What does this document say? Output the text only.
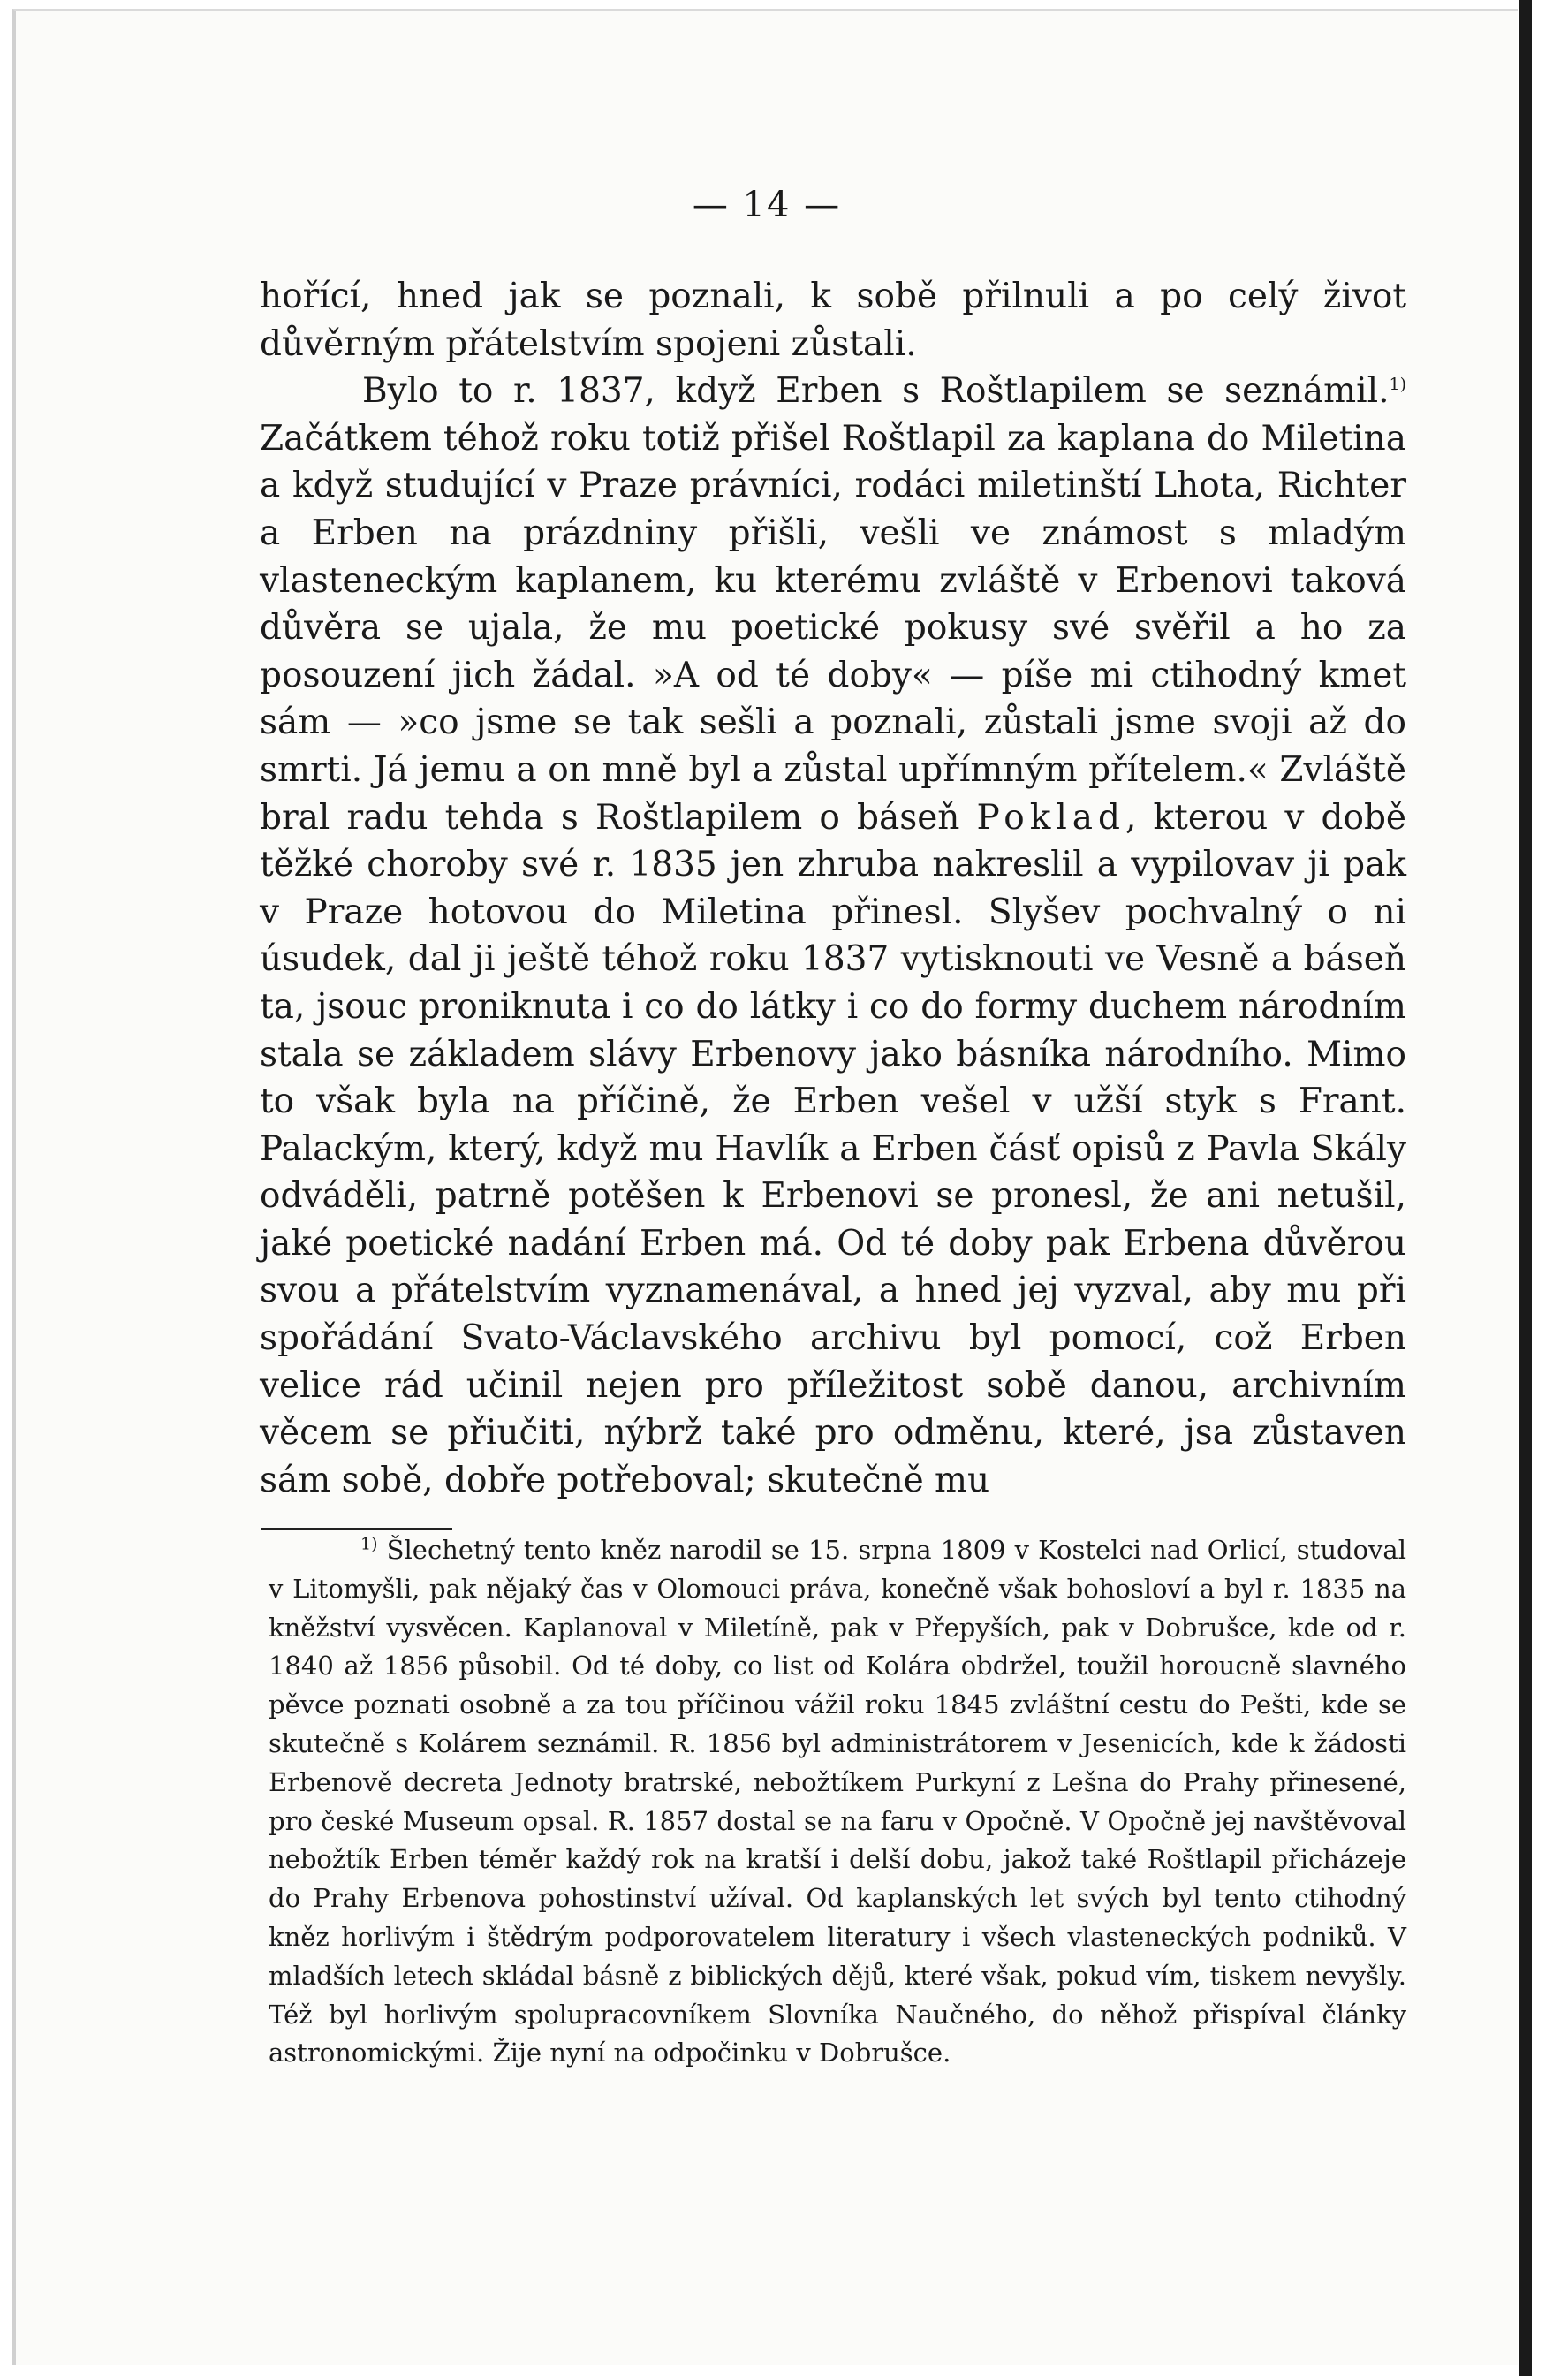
— 14 —

hořící, hned jak se poznali, k sobě přilnuli a po celý život důvěrným přátelstvím spojeni zůstali.

Bylo to r. 1837, když Erben s Roštlapilem se seznámil.$^{1)}$ Začátkem téhož roku totiž přišel Roštlapil za kaplana do Miletina a když studující v Praze právníci, rodáci miletinští Lhota, Richter a Erben na prázdniny přišli, vešli ve známost s mladým vlasteneckým kaplanem, ku kterému zvláště v Erbenovi taková důvěra se ujala, že mu poetické pokusy své svěřil a ho za posouzení jich žádal. »A od té doby« — píše mi ctihodný kmet sám — »co jsme se tak sešli a poznali, zůstali jsme svoji až do smrti. Já jemu a on mně byl a zůstal upřímným přítelem.« Zvláště bral radu tehda s Roštlapilem o báseň Poklad, kterou v době těžké choroby své r. 1835 jen zhruba nakreslil a vypilovav ji pak v Praze hotovou do Miletina přinesl. Slyšev pochvalný o ni úsudek, dal ji ještě téhož roku 1837 vytisknouti ve Vesně a báseň ta, jsouc proniknuta i co do látky i co do formy duchem národním stala se základem slávy Erbenovy jako básníka národního. Mimo to však byla na příčině, že Erben vešel v užší styk s Frant. Palackým, který, když mu Havlík a Erben čásť opisů z Pavla Skály odváděli, patrně potěšen k Erbenovi se pronesl, že ani netušil, jaké poetické nadání Erben má. Od té doby pak Erbena důvěrou svou a přátelstvím vyznamenával, a hned jej vyzval, aby mu při spořádání Svato-Václavského archivu byl pomocí, což Erben velice rád učinil nejen pro příležitost sobě danou, archivním věcem se přiučiti, nýbrž také pro odměnu, které, jsa zůstaven sám sobě, dobře potřeboval; skutečně mu

$^{1)}$ Šlechetný tento kněz narodil se 15. srpna 1809 v Kostelci nad Orlicí, studoval v Litomyšli, pak nějaký čas v Olomouci práva, konečně však bohosloví a byl r. 1835 na kněžství vysvěcen. Kaplanoval v Miletíně, pak v Přepyších, pak v Dobrušce, kde od r. 1840 až 1856 působil. Od té doby, co list od Kolára obdržel, toužil horoucně slavného pěvce poznati osobně a za tou příčinou vážil roku 1845 zvláštní cestu do Pešti, kde se skutečně s Kolárem seznámil. R. 1856 byl administrátorem v Jesenicích, kde k žádosti Erbenově decreta Jednoty bratrské, nebožtíkem Purkyní z Lešna do Prahy přinesené, pro české Museum opsal. R. 1857 dostal se na faru v Opočně. V Opočně jej navštěvoval nebožtík Erben téměr každý rok na kratší i delší dobu, jakož také Roštlapil přicházeje do Prahy Erbenova pohostinství užíval. Od kaplanských let svých byl tento ctihodný kněz horlivým i štědrým podporovatelem literatury i všech vlasteneckých podniků. V mladších letech skládal básně z biblických dějů, které však, pokud vím, tiskem nevyšly. Též byl horlivým spolupracovníkem Slovníka Naučného, do něhož přispíval články astronomickými. Žije nyní na odpočinku v Dobrušce.
